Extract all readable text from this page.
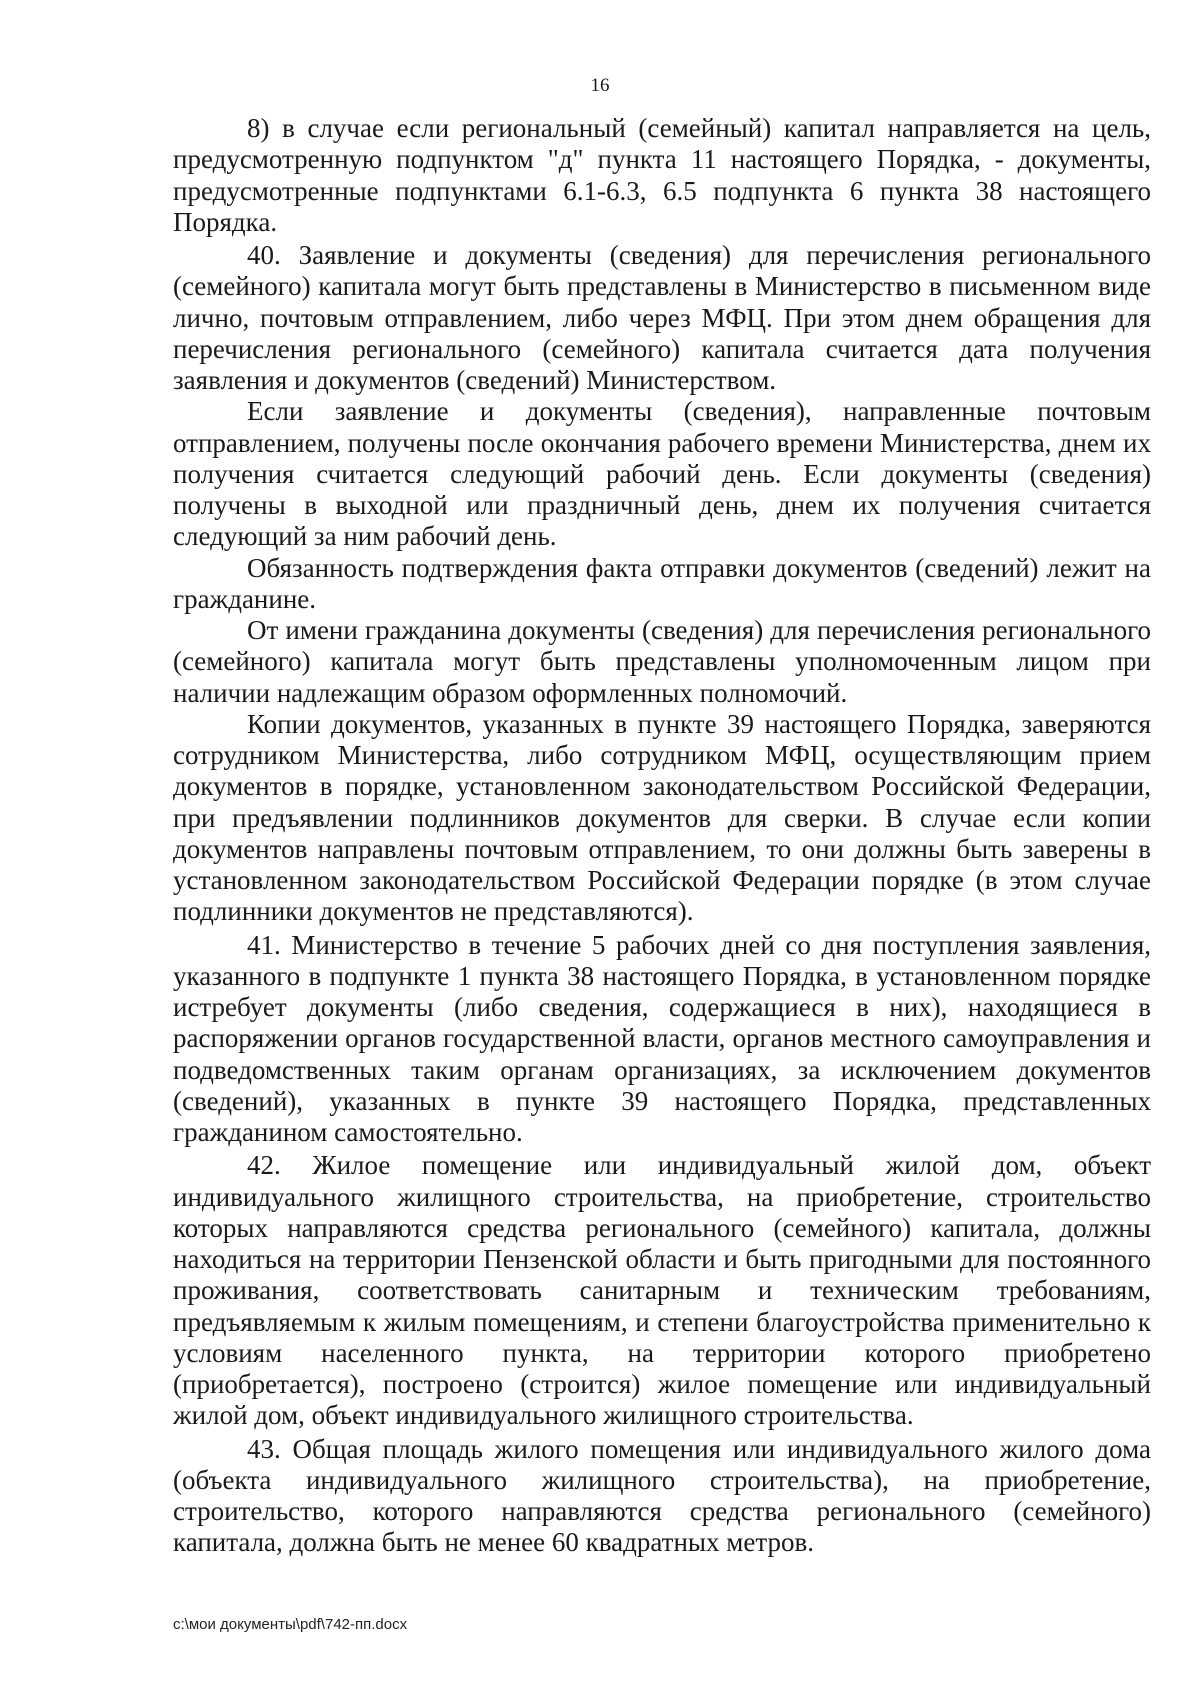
16

8) в случае если региональный (семейный) капитал направляется на цель, предусмотренную подпунктом "д" пункта 11 настоящего Порядка, - документы, предусмотренные подпунктами 6.1-6.3, 6.5 подпункта 6 пункта 38 настоящего Порядка.

40. Заявление и документы (сведения) для перечисления регионального (семейного) капитала могут быть представлены в Министерство в письменном виде лично, почтовым отправлением, либо через МФЦ. При этом днем обращения для перечисления регионального (семейного) капитала считается дата получения заявления и документов (сведений) Министерством.

Если заявление и документы (сведения), направленные почтовым отправлением, получены после окончания рабочего времени Министерства, днем их получения считается следующий рабочий день. Если документы (сведения) получены в выходной или праздничный день, днем их получения считается следующий за ним рабочий день.

Обязанность подтверждения факта отправки документов (сведений) лежит на гражданине.

От имени гражданина документы (сведения) для перечисления регионального (семейного) капитала могут быть представлены уполномоченным лицом при наличии надлежащим образом оформленных полномочий.

Копии документов, указанных в пункте 39 настоящего Порядка, заверяются сотрудником Министерства, либо сотрудником МФЦ, осуществляющим прием документов в порядке, установленном законодательством Российской Федерации, при предъявлении подлинников документов для сверки. В случае если копии документов направлены почтовым отправлением, то они должны быть заверены в установленном законодательством Российской Федерации порядке (в этом случае подлинники документов не представляются).

41. Министерство в течение 5 рабочих дней со дня поступления заявления, указанного в подпункте 1 пункта 38 настоящего Порядка, в установленном порядке истребует документы (либо сведения, содержащиеся в них), находящиеся в распоряжении органов государственной власти, органов местного самоуправления и подведомственных таким органам организациях, за исключением документов (сведений), указанных в пункте 39 настоящего Порядка, представленных гражданином самостоятельно.

42. Жилое помещение или индивидуальный жилой дом, объект индивидуального жилищного строительства, на приобретение, строительство которых направляются средства регионального (семейного) капитала, должны находиться на территории Пензенской области и быть пригодными для постоянного проживания, соответствовать санитарным и техническим требованиям, предъявляемым к жилым помещениям, и степени благоустройства применительно к условиям населенного пункта, на территории которого приобретено (приобретается), построено (строится) жилое помещение или индивидуальный жилой дом, объект индивидуального жилищного строительства.

43. Общая площадь жилого помещения или индивидуального жилого дома (объекта индивидуального жилищного строительства), на приобретение, строительство, которого направляются средства регионального (семейного) капитала, должна быть не менее 60 квадратных метров.

c:\мои документы\pdf\742-пп.docx
